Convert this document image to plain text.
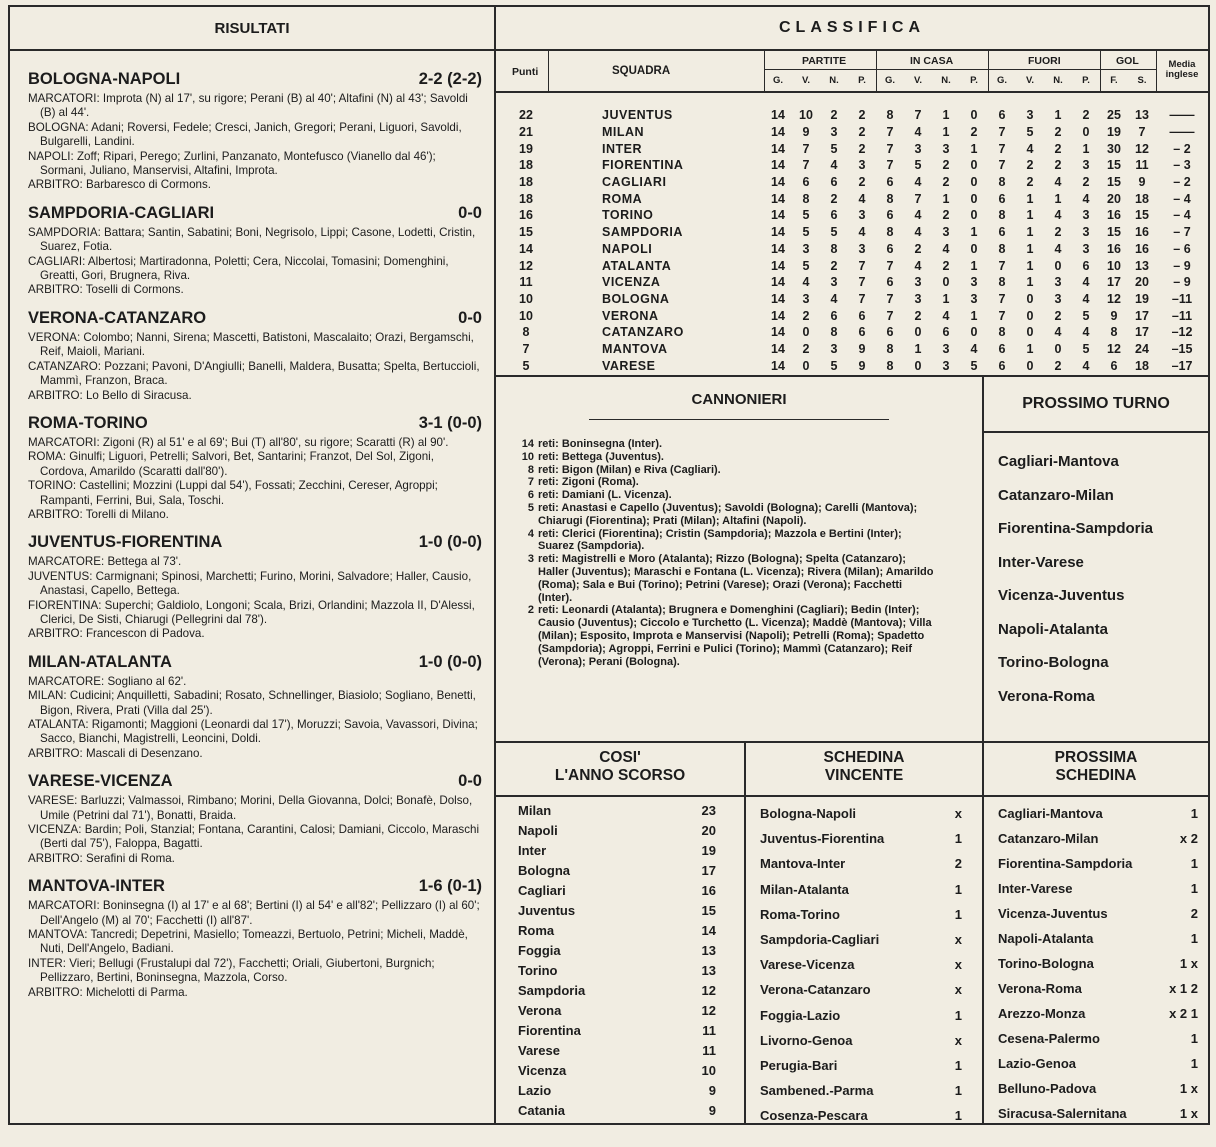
RISULTATI
BOLOGNA-NAPOLI	2-2 (2-2)

MARCATORI: Improta (N) al 17', su rigore; Perani (B) al 40'; Altafini (N) al 43'; Savoldi (B) al 44'.

BOLOGNA: Adani; Roversi, Fedele; Cresci, Janich, Gregori; Perani, Liguori, Savoldi, Bulgarelli, Landini.

NAPOLI: Zoff; Ripari, Perego; Zurlini, Panzanato, Montefusco (Vianello dal 46'); Sormani, Juliano, Manservisi, Altafini, Improta.

ARBITRO: Barbaresco di Cormons.

SAMPDORIA-CAGLIARI	0-0

SAMPDORIA: Battara; Santin, Sabatini; Boni, Negrisolo, Lippi; Casone, Lodetti, Cristin, Suarez, Fotia.

CAGLIARI: Albertosi; Martiradonna, Poletti; Cera, Niccolai, Tomasini; Domenghini, Greatti, Gori, Brugnera, Riva.

ARBITRO: Toselli di Cormons.

VERONA-CATANZARO	0-0

VERONA: Colombo; Nanni, Sirena; Mascetti, Batistoni, Mascalaito; Orazi, Bergamschi, Reif, Maioli, Mariani.

CATANZARO: Pozzani; Pavoni, D'Angiulli; Banelli, Maldera, Busatta; Spelta, Bertuccioli, Mammì, Franzon, Braca.

ARBITRO: Lo Bello di Siracusa.

ROMA-TORINO	3-1 (0-0)

MARCATORI: Zigoni (R) al 51' e al 69'; Bui (T) all'80', su rigore; Scaratti (R) al 90'.

ROMA: Ginulfi; Liguori, Petrelli; Salvori, Bet, Santarini; Franzot, Del Sol, Zigoni, Cordova, Amarildo (Scaratti dall'80').

TORINO: Castellini; Mozzini (Luppi dal 54'), Fossati; Zecchini, Cereser, Agroppi; Rampanti, Ferrini, Bui, Sala, Toschi.

ARBITRO: Torelli di Milano.

JUVENTUS-FIORENTINA	1-0 (0-0)

MARCATORE: Bettega al 73'.

JUVENTUS: Carmignani; Spinosi, Marchetti; Furino, Morini, Salvadore; Haller, Causio, Anastasi, Capello, Bettega.

FIORENTINA: Superchi; Galdiolo, Longoni; Scala, Brizi, Orlandini; Mazzola II, D'Alessi, Clerici, De Sisti, Chiarugi (Pellegrini dal 78').

ARBITRO: Francescon di Padova.

MILAN-ATALANTA	1-0 (0-0)

MARCATORE: Sogliano al 62'.

MILAN: Cudicini; Anquilletti, Sabadini; Rosato, Schnellinger, Biasiolo; Sogliano, Benetti, Bigon, Rivera, Prati (Villa dal 25').

ATALANTA: Rigamonti; Maggioni (Leonardi dal 17'), Moruzzi; Savoia, Vavassori, Divina; Sacco, Bianchi, Magistrelli, Leoncini, Doldi.

ARBITRO: Mascali di Desenzano.

VARESE-VICENZA	0-0

VARESE: Barluzzi; Valmassoi, Rimbano; Morini, Della Giovanna, Dolci; Bonafè, Dolso, Umile (Petrini dal 71'), Bonatti, Braida.

VICENZA: Bardin; Poli, Stanzial; Fontana, Carantini, Calosi; Damiani, Ciccolo, Maraschi (Berti dal 75'), Faloppa, Bagatti.

ARBITRO: Serafini di Roma.

MANTOVA-INTER	1-6 (0-1)

MARCATORI: Boninsegna (I) al 17' e al 68'; Bertini (I) al 54' e all'82'; Pellizzaro (I) al 60'; Dell'Angelo (M) al 70'; Facchetti (I) all'87'.

MANTOVA: Tancredi; Depetrini, Masiello; Tomeazzi, Bertuolo, Petrini; Micheli, Maddè, Nuti, Dell'Angelo, Badiani.

INTER: Vieri; Bellugi (Frustalupi dal 72'), Facchetti; Oriali, Giubertoni, Burgnich; Pellizzaro, Bertini, Boninsegna, Mazzola, Corso.

ARBITRO: Michelotti di Parma.

CLASSIFICA
Punti	SQUADRA
PARTITE	IN CASA	FUORI	GOL	Media inglese
G.	V.	N.	P.	G.	V.	N.	P.	G.	V.	N.	P.	F.	S.
22	JUVENTUS	14	10	2	2	8	7	1	0	6	3	1	2	25	13	——
21	MILAN	14	9	3	2	7	4	1	2	7	5	2	0	19	7	——
19	INTER	14	7	5	2	7	3	3	1	7	4	2	1	30	12	– 2
18	FIORENTINA	14	7	4	3	7	5	2	0	7	2	2	3	15	11	– 3
18	CAGLIARI	14	6	6	2	6	4	2	0	8	2	4	2	15	9	– 2
18	ROMA	14	8	2	4	8	7	1	0	6	1	1	4	20	18	– 4
16	TORINO	14	5	6	3	6	4	2	0	8	1	4	3	16	15	– 4
15	SAMPDORIA	14	5	5	4	8	4	3	1	6	1	2	3	15	16	– 7
14	NAPOLI	14	3	8	3	6	2	4	0	8	1	4	3	16	16	– 6
12	ATALANTA	14	5	2	7	7	4	2	1	7	1	0	6	10	13	– 9
11	VICENZA	14	4	3	7	6	3	0	3	8	1	3	4	17	20	– 9
10	BOLOGNA	14	3	4	7	7	3	1	3	7	0	3	4	12	19	–11
10	VERONA	14	2	6	6	7	2	4	1	7	0	2	5	9	17	–11
8	CATANZARO	14	0	8	6	6	0	6	0	8	0	4	4	8	17	–12
7	MANTOVA	14	2	3	9	8	1	3	4	6	1	0	5	12	24	–15
5	VARESE	14	0	5	9	8	0	3	5	6	0	2	4	6	18	–17
CANNONIERI
14 reti: Boninsegna (Inter).
10 reti: Bettega (Juventus).
8 reti: Bigon (Milan) e Riva (Cagliari).
7 reti: Zigoni (Roma).
6 reti: Damiani (L. Vicenza).
5 reti: Anastasi e Capello (Juventus); Savoldi (Bologna); Carelli (Mantova); Chiarugi (Fiorentina); Prati (Milan); Altafini (Napoli).
4 reti: Clerici (Fiorentina); Cristin (Sampdoria); Mazzola e Bertini (Inter); Suarez (Sampdoria).
3 reti: Magistrelli e Moro (Atalanta); Rizzo (Bologna); Spelta (Catanzaro); Haller (Juventus); Maraschi e Fontana (L. Vicenza); Rivera (Milan); Amarildo (Roma); Sala e Bui (Torino); Petrini (Varese); Orazi (Verona); Facchetti (Inter).
2 reti: Leonardi (Atalanta); Brugnera e Domenghini (Cagliari); Bedin (Inter); Causio (Juventus); Ciccolo e Turchetto (L. Vicenza); Maddè (Mantova); Villa (Milan); Esposito, Improta e Manservisi (Napoli); Petrelli (Roma); Spadetto (Sampdoria); Agroppi, Ferrini e Pulici (Torino); Mammì (Catanzaro); Reif (Verona); Perani (Bologna).
PROSSIMO TURNO
Cagliari-Mantova
Catanzaro-Milan
Fiorentina-Sampdoria
Inter-Varese
Vicenza-Juventus
Napoli-Atalanta
Torino-Bologna
Verona-Roma
COSI'
L'ANNO SCORSO
Milan	23
Napoli	20
Inter	19
Bologna	17
Cagliari	16
Juventus	15
Roma	14
Foggia	13
Torino	13
Sampdoria	12
Verona	12
Fiorentina	11
Varese	11
Vicenza	10
Lazio	9
Catania	9
SCHEDINA
VINCENTE
Bologna-Napoli	x
Juventus-Fiorentina	1
Mantova-Inter	2
Milan-Atalanta	1
Roma-Torino	1
Sampdoria-Cagliari	x
Varese-Vicenza	x
Verona-Catanzaro	x
Foggia-Lazio	1
Livorno-Genoa	x
Perugia-Bari	1
Sambened.-Parma	1
Cosenza-Pescara	1
PROSSIMA
SCHEDINA
Cagliari-Mantova	1
Catanzaro-Milan	x 2
Fiorentina-Sampdoria	1
Inter-Varese	1
Vicenza-Juventus	2
Napoli-Atalanta	1
Torino-Bologna	1 x
Verona-Roma	x 1 2
Arezzo-Monza	x 2 1
Cesena-Palermo	1
Lazio-Genoa	1
Belluno-Padova	1 x
Siracusa-Salernitana	1 x
